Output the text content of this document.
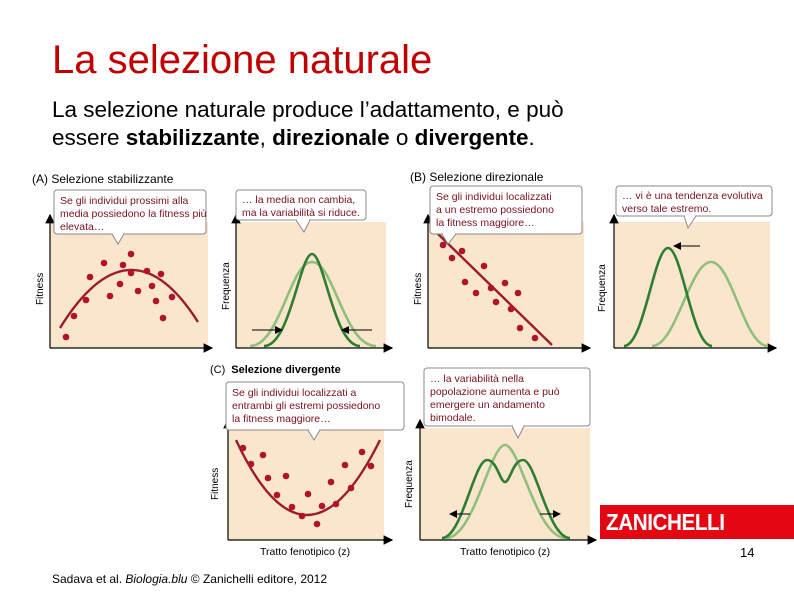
La selezione naturale
La selezione naturale produce l’adattamento, e può
essere stabilizzante, direzionale o divergente.
(A) Selezione stabilizzante	(B) Selezione direzionale
Fitness
Se gli individui prossimi alla
media possiedono la fitness più
elevata…
Frequenza
… la media non cambia,
ma la variabilità si riduce.
Fitness
Se gli individui localizzati
a un estremo possiedono
la fitness maggiore…
Frequenza
… vi è una tendenza evolutiva
verso tale estremo.
(C) Selezione divergente
Fitness
Tratto fenotipico (z)
Se gli individui localizzati a
entrambi gli estremi possiedono
la fitness maggiore…
Frequenza
Tratto fenotipico (z)
… la variabilità nella
popolazione aumenta e può
emergere un andamento
bimodale.
ZANICHELLI
14
Sadava et al. Biologia.blu © Zanichelli editore, 2012
